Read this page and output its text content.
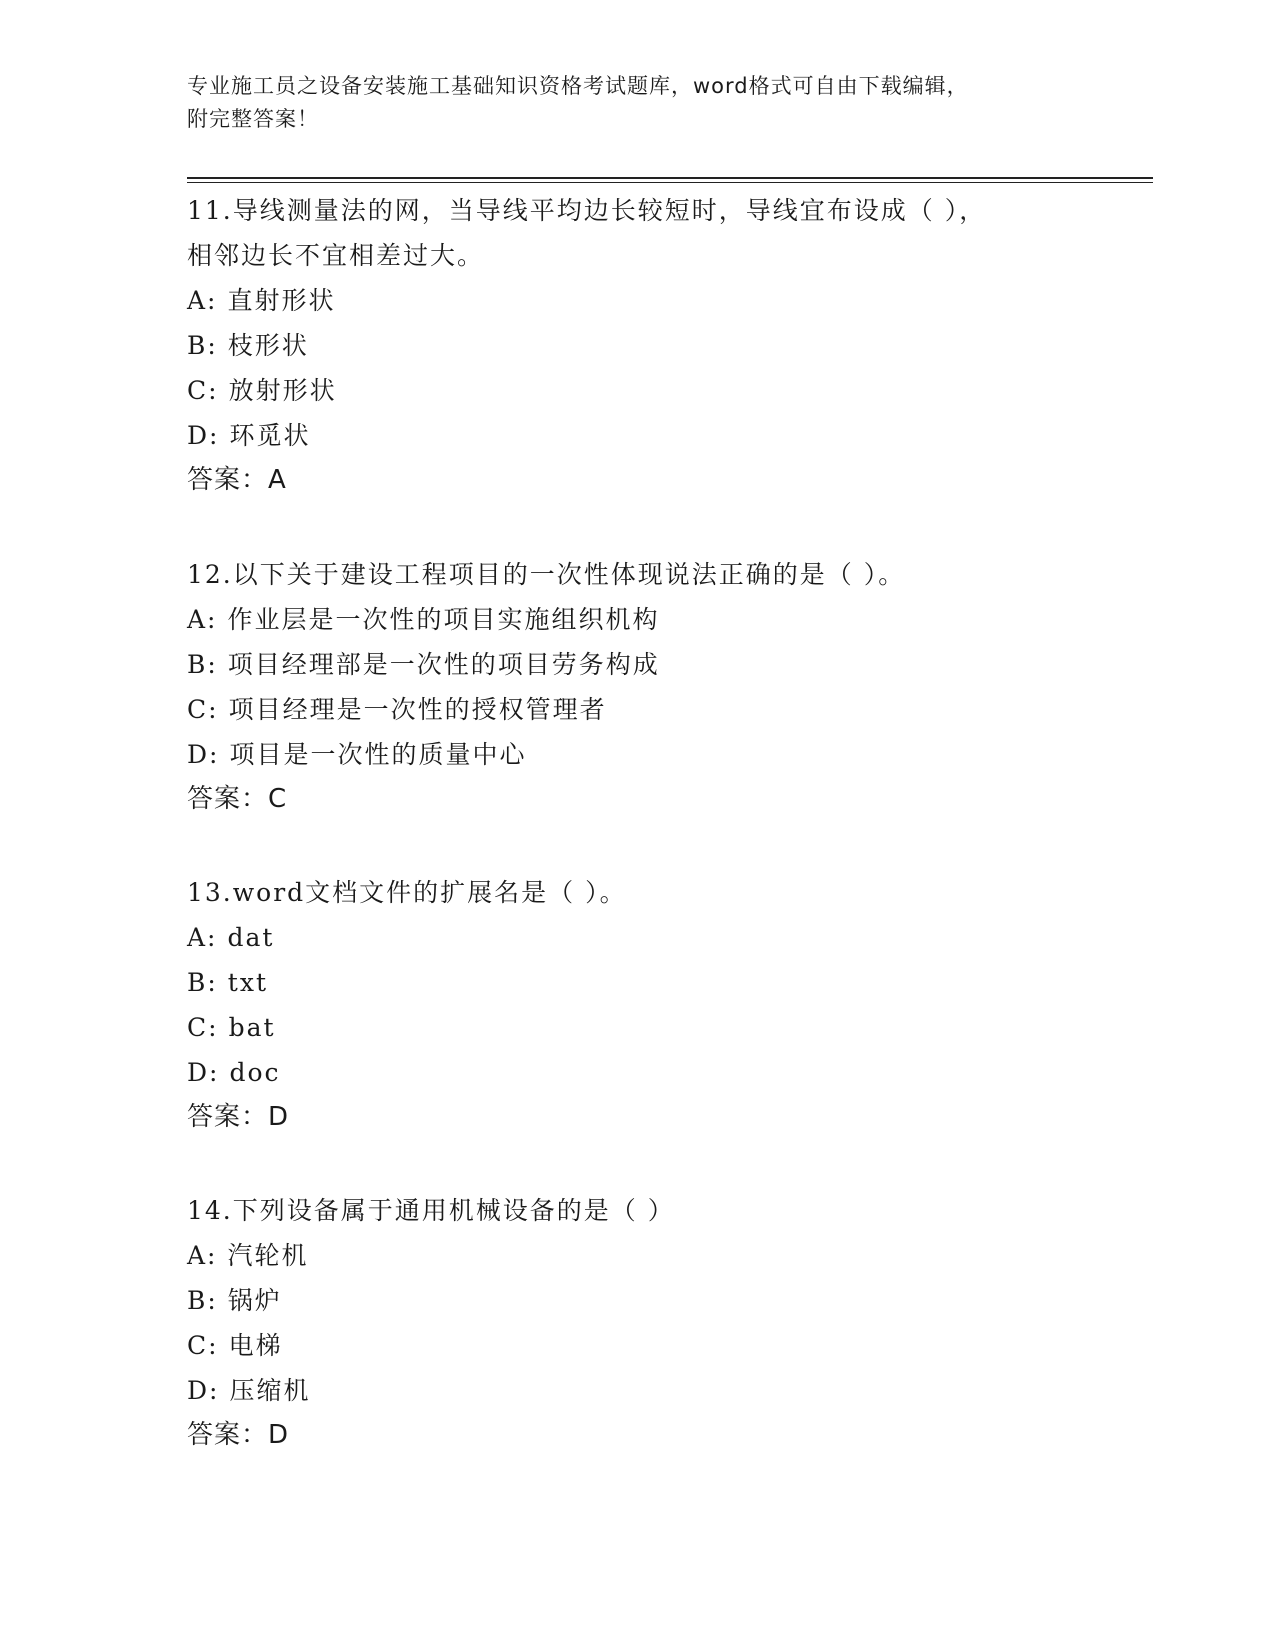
专业施工员之设备安装施工基础知识资格考试题库，word格式可自由下载编辑，
附完整答案！
11.导线测量法的网，当导线平均边长较短时，导线宜布设成（ ），
相邻边长不宜相差过大。
A: 直射形状
B: 枝形状
C: 放射形状
D: 环觅状
答案：A
12.以下关于建设工程项目的一次性体现说法正确的是（ ）。
A: 作业层是一次性的项目实施组织机构
B: 项目经理部是一次性的项目劳务构成
C: 项目经理是一次性的授权管理者
D: 项目是一次性的质量中心
答案：C
13.word文档文件的扩展名是（ ）。
A: dat
B: txt
C: bat
D: doc
答案：D
14.下列设备属于通用机械设备的是（ ）
A: 汽轮机
B: 锅炉
C: 电梯
D: 压缩机
答案：D
